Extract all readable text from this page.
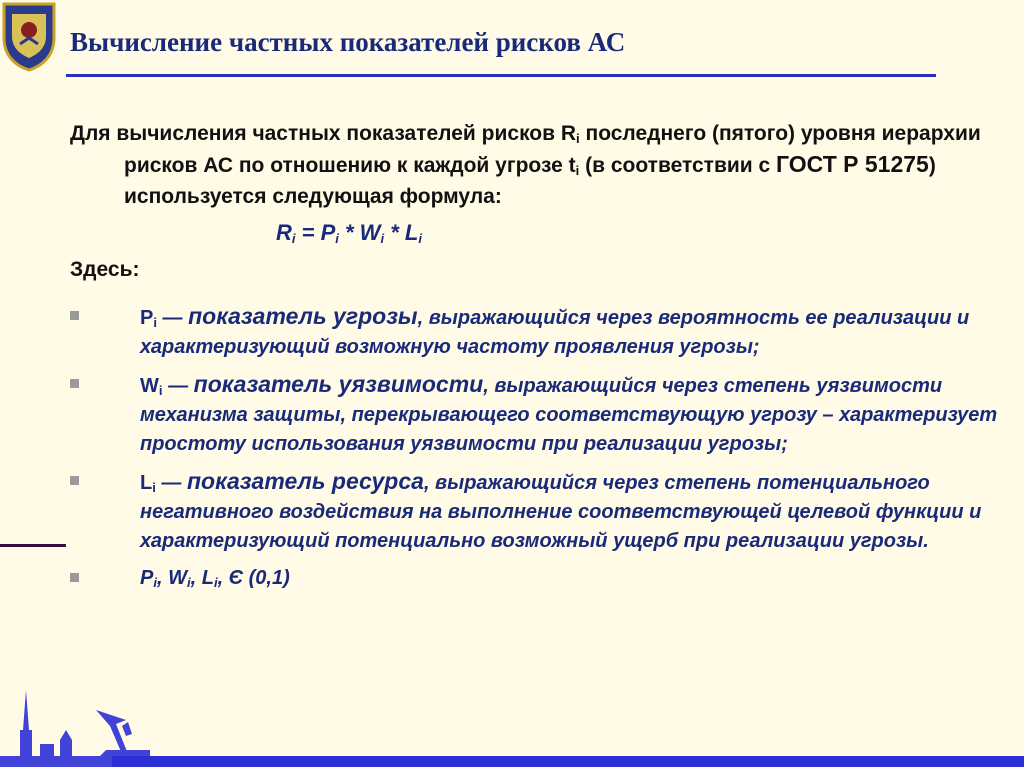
Вычисление частных показателей рисков АС

Для вычисления частных показателей рисков $R_i$ последнего (пятого) уровня иерархии рисков АС по отношению к каждой угрозе $t_i$ (в соответствии с ГОСТ Р 51275) используется следующая формула:

$R_i = P_i * W_i * L_i$
Здесь:
$P_i$ — показатель угрозы, выражающийся через вероятность ее реализации и характеризующий возможную частоту проявления угрозы;
$W_i$ — показатель уязвимости, выражающийся через степень уязвимости механизма защиты, перекрывающего соответствующую угрозу – характеризует простоту использования уязвимости при реализации угрозы;
$L_i$ — показатель ресурса, выражающийся через степень потенциального негативного воздействия на выполнение соответствующей целевой функции и характеризующий потенциально возможный ущерб при реализации угрозы.
$P_i$, $W_i$, $L_i$, Є (0,1)
